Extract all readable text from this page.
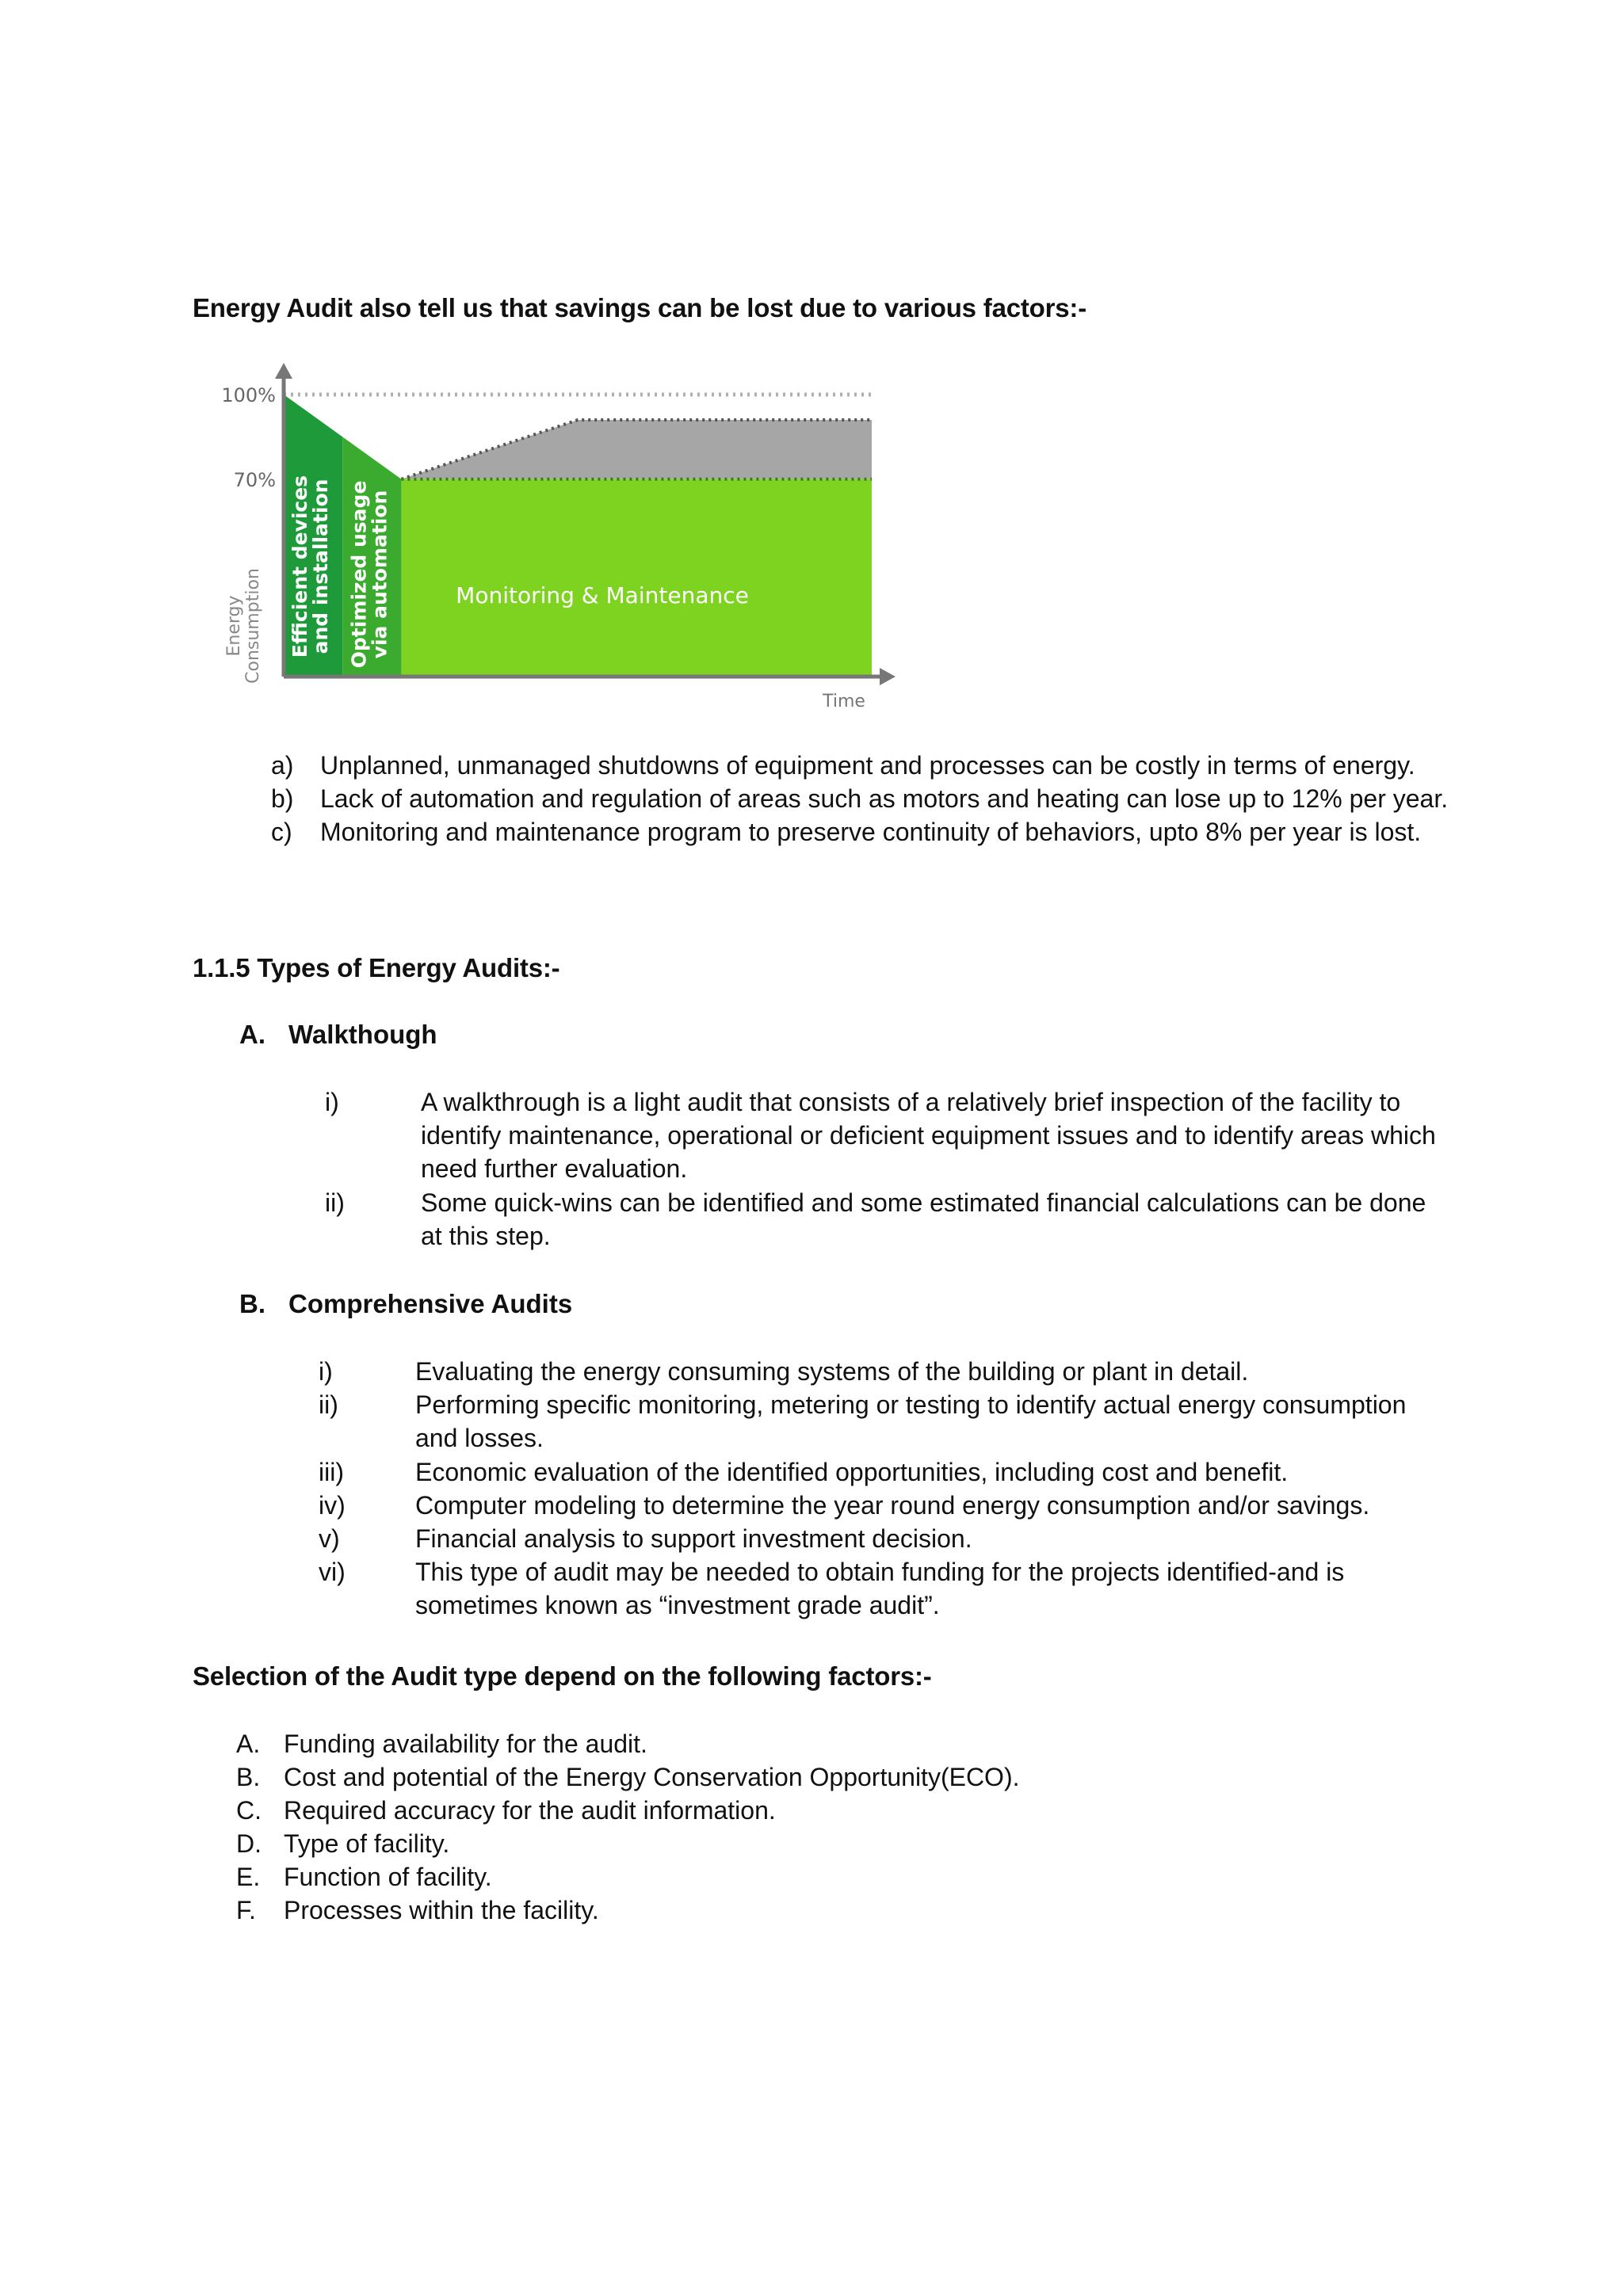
Energy Audit also tell us that savings can be lost due to various factors:-
100%
70%
Energy Consumption
Time
Efficient devices
and installation Optimized usage
via automation	Monitoring & Maintenance
a) Unplanned, unmanaged shutdowns of equipment and processes can be costly in terms of energy.
b) Lack of automation and regulation of areas such as motors and heating can lose up to 12% per year.
c) Monitoring and maintenance program to preserve continuity of behaviors, upto 8% per year is lost.
1.1.5 Types of Energy Audits:-
A. Walkthough
i)	A walkthrough is a light audit that consists of a relatively brief inspection of the facility to identify maintenance, operational or deficient equipment issues and to identify areas which need further evaluation.
ii)	Some quick-wins can be identified and some estimated financial calculations can be done at this step.
B. Comprehensive Audits
i)	Evaluating the energy consuming systems of the building or plant in detail.
ii)	Performing specific monitoring, metering or testing to identify actual energy consumption and losses.
iii)	Economic evaluation of the identified opportunities, including cost and benefit.
iv)	Computer modeling to determine the year round energy consumption and/or savings.
v)	Financial analysis to support investment decision.
vi)	This type of audit may be needed to obtain funding for the projects identified-and is sometimes known as “investment grade audit”.
Selection of the Audit type depend on the following factors:-
A. Funding availability for the audit.
B. Cost and potential of the Energy Conservation Opportunity(ECO).
C. Required accuracy for the audit information.
D. Type of facility.
E. Function of facility.
F. Processes within the facility.
